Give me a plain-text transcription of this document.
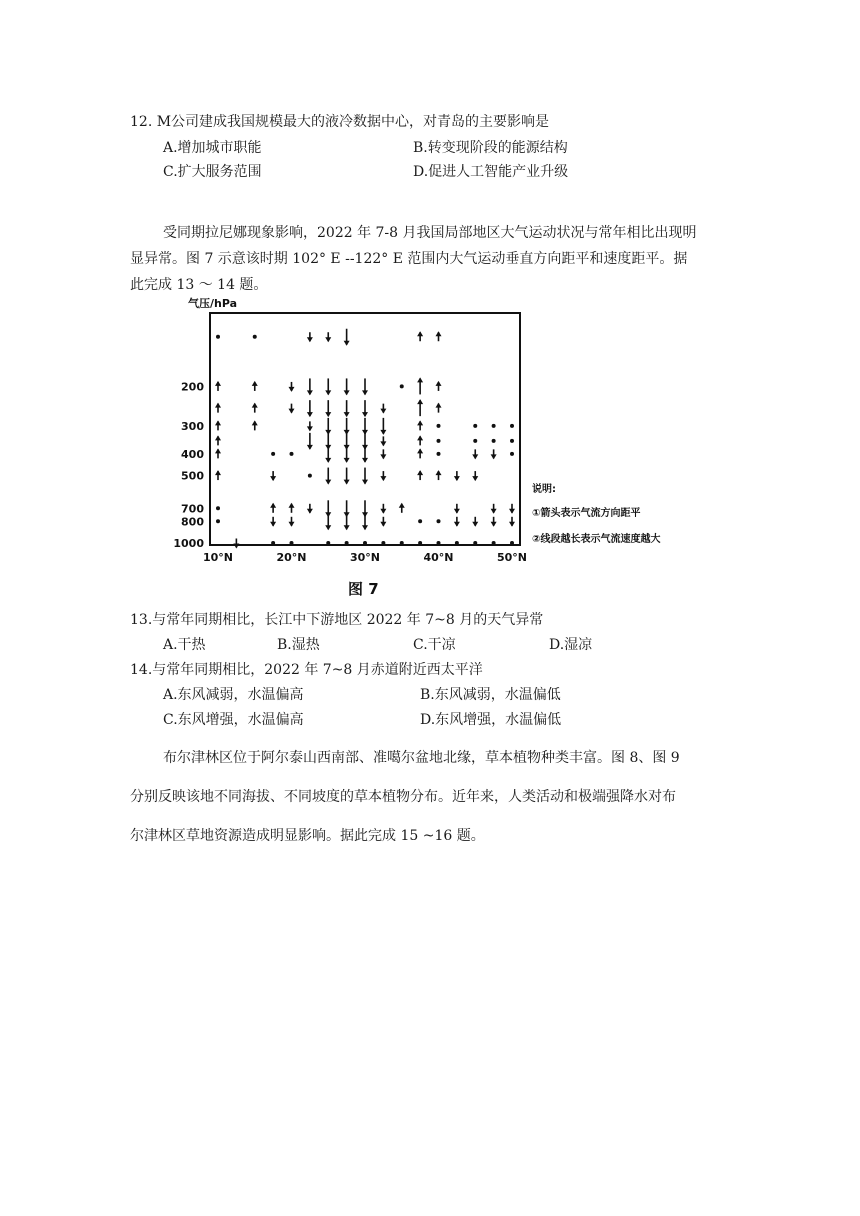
12. M公司建成我国规模最大的液冷数据中心，对青岛的主要影响是
A.增加城市职能	B.转变现阶段的能源结构
C.扩大服务范围	D.促进人工智能产业升级
受同期拉尼娜现象影响，2022 年 7-8 月我国局部地区大气运动状况与常年相比出现明
显异常。图 7 示意该时期 102° E --122° E 范围内大气运动垂直方向距平和速度距平。据
此完成 13 ～ 14 题。
气压/hPa
200
300
400
500
700
800
1000
10°N	20°N	30°N	40°N	50°N
说明:
①箭头表示气流方向距平
②线段越长表示气流速度越大
图 7
13.与常年同期相比，长江中下游地区 2022 年 7~8 月的天气异常
A.干热	B.湿热	C.干凉	D.湿凉
14.与常年同期相比，2022 年 7~8 月赤道附近西太平洋
A.东风减弱，水温偏高	B.东风减弱，水温偏低
C.东风增强，水温偏高	D.东风增强，水温偏低
布尔津林区位于阿尔泰山西南部、准噶尔盆地北缘，草本植物种类丰富。图 8、图 9
分别反映该地不同海拔、不同坡度的草本植物分布。近年来，人类活动和极端强降水对布
尔津林区草地资源造成明显影响。据此完成 15 ~16 题。
